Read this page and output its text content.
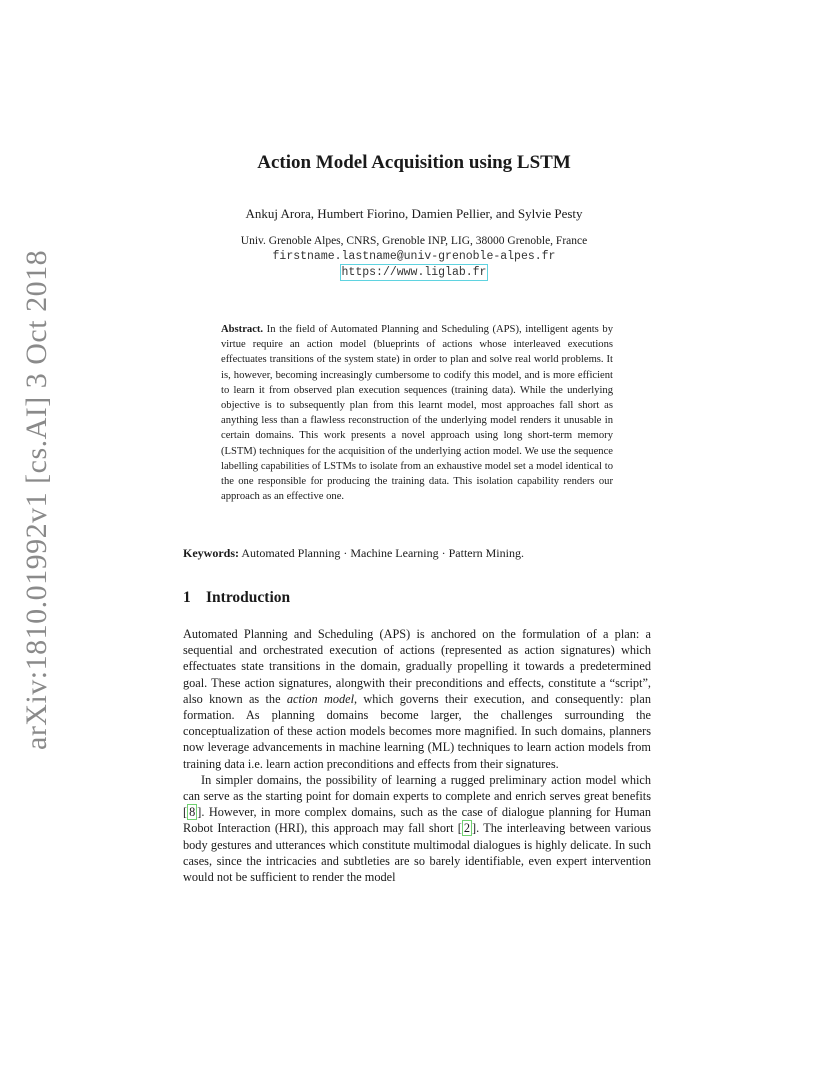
arXiv:1810.01992v1 [cs.AI] 3 Oct 2018
Action Model Acquisition using LSTM
Ankuj Arora, Humbert Fiorino, Damien Pellier, and Sylvie Pesty
Univ. Grenoble Alpes, CNRS, Grenoble INP, LIG, 38000 Grenoble, France
firstname.lastname@univ-grenoble-alpes.fr
https://www.liglab.fr
Abstract. In the field of Automated Planning and Scheduling (APS), intelligent agents by virtue require an action model (blueprints of actions whose interleaved executions effectuates transitions of the system state) in order to plan and solve real world problems. It is, however, becoming increasingly cumbersome to codify this model, and is more efficient to learn it from observed plan execution sequences (training data). While the underlying objective is to subsequently plan from this learnt model, most approaches fall short as anything less than a flawless reconstruction of the underlying model renders it unusable in certain domains. This work presents a novel approach using long short-term memory (LSTM) techniques for the acquisition of the underlying action model. We use the sequence labelling capabilities of LSTMs to isolate from an exhaustive model set a model identical to the one responsible for producing the training data. This isolation capability renders our approach as an effective one.
Keywords: Automated Planning · Machine Learning · Pattern Mining.
1 Introduction

Automated Planning and Scheduling (APS) is anchored on the formulation of a plan: a sequential and orchestrated execution of actions (represented as action signatures) which effectuates state transitions in the domain, gradually propelling it towards a predetermined goal. These action signatures, alongwith their preconditions and effects, constitute a “script”, also known as the action model, which governs their execution, and consequently: plan formation. As planning domains become larger, the challenges surrounding the conceptualization of these action models becomes more magnified. In such domains, planners now leverage advancements in machine learning (ML) techniques to learn action models from training data i.e. learn action preconditions and effects from their signatures.

In simpler domains, the possibility of learning a rugged preliminary action model which can serve as the starting point for domain experts to complete and enrich serves great benefits [ 8 ]. However, in more complex domains, such as the case of dialogue planning for Human Robot Interaction (HRI), this approach may fall short [ 2 ]. The interleaving between various body gestures and utterances which constitute multimodal dialogues is highly delicate. In such cases, since the intricacies and subtleties are so barely identifiable, even expert intervention would not be sufficient to render the model
